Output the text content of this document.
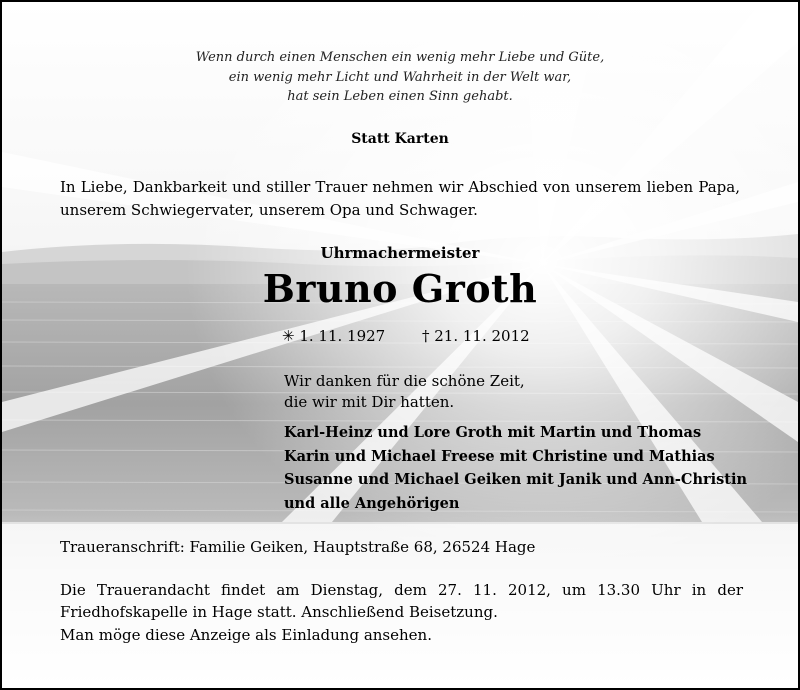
Wenn durch einen Menschen ein wenig mehr Liebe und Güte,
ein wenig mehr Licht und Wahrheit in der Welt war,
hat sein Leben einen Sinn gehabt.
Statt Karten
In Liebe, Dankbarkeit und stiller Trauer nehmen wir Abschied von unserem lieben Papa, unserem Schwiegervater, unserem Opa und Schwager.
Uhrmachermeister
Bruno Groth
✳ 1. 11. 1927 † 21. 11. 2012
Wir danken für die schöne Zeit,
die wir mit Dir hatten.
Karl-Heinz und Lore Groth mit Martin und Thomas
Karin und Michael Freese mit Christine und Mathias
Susanne und Michael Geiken mit Janik und Ann-Christin
und alle Angehörigen
Traueranschrift: Familie Geiken, Hauptstraße 68, 26524 Hage
Die Trauerandacht findet am Dienstag, dem 27. 11. 2012, um 13.30 Uhr in der
Friedhofskapelle in Hage statt. Anschließend Beisetzung.
Man möge diese Anzeige als Einladung ansehen.
